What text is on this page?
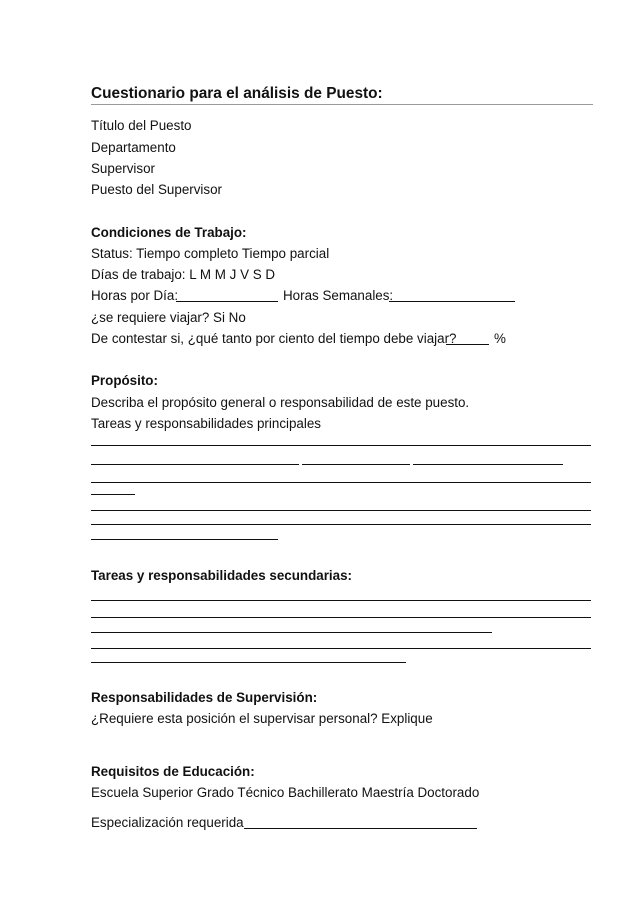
Cuestionario para el análisis de Puesto:
Título del Puesto
Departamento
Supervisor
Puesto del Supervisor
Condiciones de Trabajo:
Status: Tiempo completo Tiempo parcial
Días de trabajo: L M M J V S D
Horas por Día:	Horas Semanales:
¿se requiere viajar? Si No
De contestar si, ¿qué tanto por ciento del tiempo debe viajar?	%
Propósito:
Describa el propósito general o responsabilidad de este puesto.
Tareas y responsabilidades principales
Tareas y responsabilidades secundarias:
Responsabilidades de Supervisión:
¿Requiere esta posición el supervisar personal? Explique
Requisitos de Educación:
Escuela Superior Grado Técnico Bachillerato Maestría Doctorado
Especialización requerida
